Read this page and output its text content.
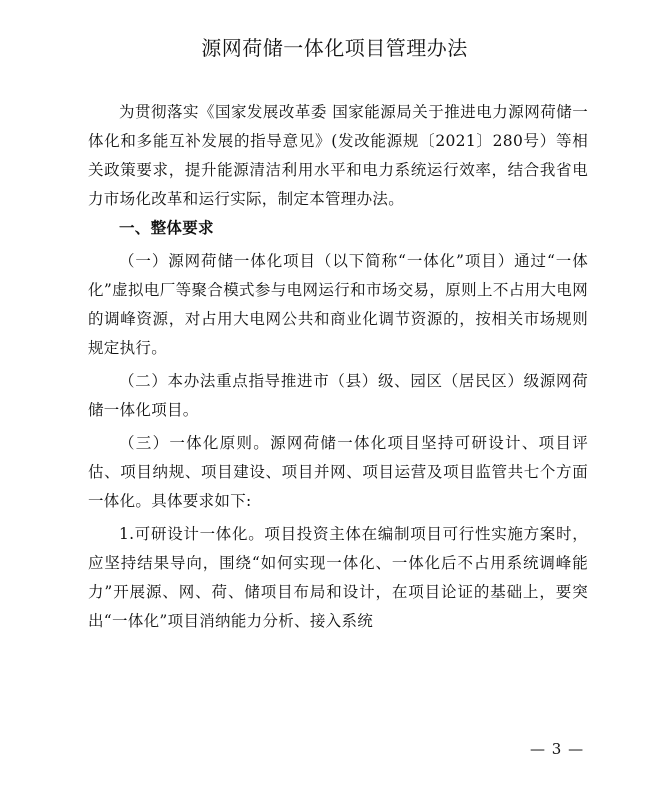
源网荷储一体化项目管理办法

为贯彻落实《国家发展改革委 国家能源局关于推进电力源网荷储一体化和多能互补发展的指导意见》(发改能源规〔2021〕280号）等相关政策要求，提升能源清洁利用水平和电力系统运行效率，结合我省电力市场化改革和运行实际，制定本管理办法。

一、整体要求

（一）源网荷储一体化项目（以下简称“一体化”项目）通过“一体化”虚拟电厂等聚合模式参与电网运行和市场交易，原则上不占用大电网的调峰资源，对占用大电网公共和商业化调节资源的，按相关市场规则规定执行。

（二）本办法重点指导推进市（县）级、园区（居民区）级源网荷储一体化项目。

（三）一体化原则。源网荷储一体化项目坚持可研设计、项目评估、项目纳规、项目建设、项目并网、项目运营及项目监管共七个方面一体化。具体要求如下:

1.可研设计一体化。项目投资主体在编制项目可行性实施方案时，应坚持结果导向，围绕“如何实现一体化、一体化后不占用系统调峰能力”开展源、网、荷、储项目布局和设计，在项目论证的基础上，要突出“一体化”项目消纳能力分析、接入系统

— 3 —
